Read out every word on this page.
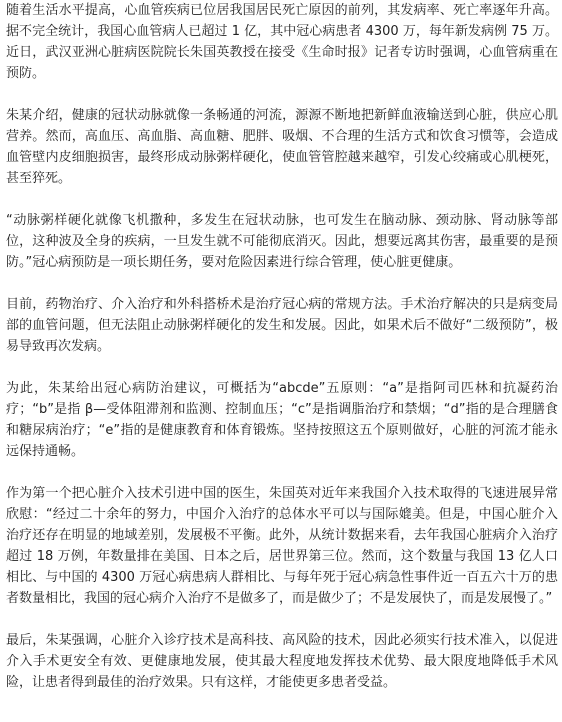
随着生活水平提高，心血管疾病已位居我国居民死亡原因的前列，其发病率、死亡率逐年升高。据不完全统计，我国心血管病人已超过 1 亿，其中冠心病患者 4300 万，每年新发病例 75 万。近日，武汉亚洲心脏病医院院长朱国英教授在接受《生命时报》记者专访时强调，心血管病重在预防。

朱某介绍，健康的冠状动脉就像一条畅通的河流，源源不断地把新鲜血液输送到心脏，供应心肌营养。然而，高血压、高血脂、高血糖、肥胖、吸烟、不合理的生活方式和饮食习惯等，会造成血管壁内皮细胞损害，最终形成动脉粥样硬化，使血管管腔越来越窄，引发心绞痛或心肌梗死，甚至猝死。

“动脉粥样硬化就像飞机撒种，多发生在冠状动脉，也可发生在脑动脉、颈动脉、肾动脉等部位，这种波及全身的疾病，一旦发生就不可能彻底消灭。因此，想要远离其伤害，最重要的是预防。”冠心病预防是一项长期任务，要对危险因素进行综合管理，使心脏更健康。

目前，药物治疗、介入治疗和外科搭桥术是治疗冠心病的常规方法。手术治疗解决的只是病变局部的血管问题，但无法阻止动脉粥样硬化的发生和发展。因此，如果术后不做好“二级预防”，极易导致再次发病。

为此，朱某给出冠心病防治建议，可概括为“abcde”五原则：“a”是指阿司匹林和抗凝药治疗；“b”是指 β—受体阻滞剂和监测、控制血压；“c”是指调脂治疗和禁烟；“d”指的是合理膳食和糖尿病治疗；“e”指的是健康教育和体育锻炼。坚持按照这五个原则做好，心脏的河流才能永远保持通畅。

作为第一个把心脏介入技术引进中国的医生，朱国英对近年来我国介入技术取得的飞速进展异常欣慰：“经过二十余年的努力，中国介入治疗的总体水平可以与国际媲美。但是，中国心脏介入治疗还存在明显的地域差别，发展极不平衡。此外，从统计数据来看，去年我国心脏病介入治疗超过 18 万例，年数量排在美国、日本之后，居世界第三位。然而，这个数量与我国 13 亿人口相比、与中国的 4300 万冠心病患病人群相比、与每年死于冠心病急性事件近一百五六十万的患者数量相比，我国的冠心病介入治疗不是做多了，而是做少了；不是发展快了，而是发展慢了。”

最后，朱某强调，心脏介入诊疗技术是高科技、高风险的技术，因此必须实行技术准入，以促进介入手术更安全有效、更健康地发展，使其最大程度地发挥技术优势、最大限度地降低手术风险，让患者得到最佳的治疗效果。只有这样，才能使更多患者受益。
